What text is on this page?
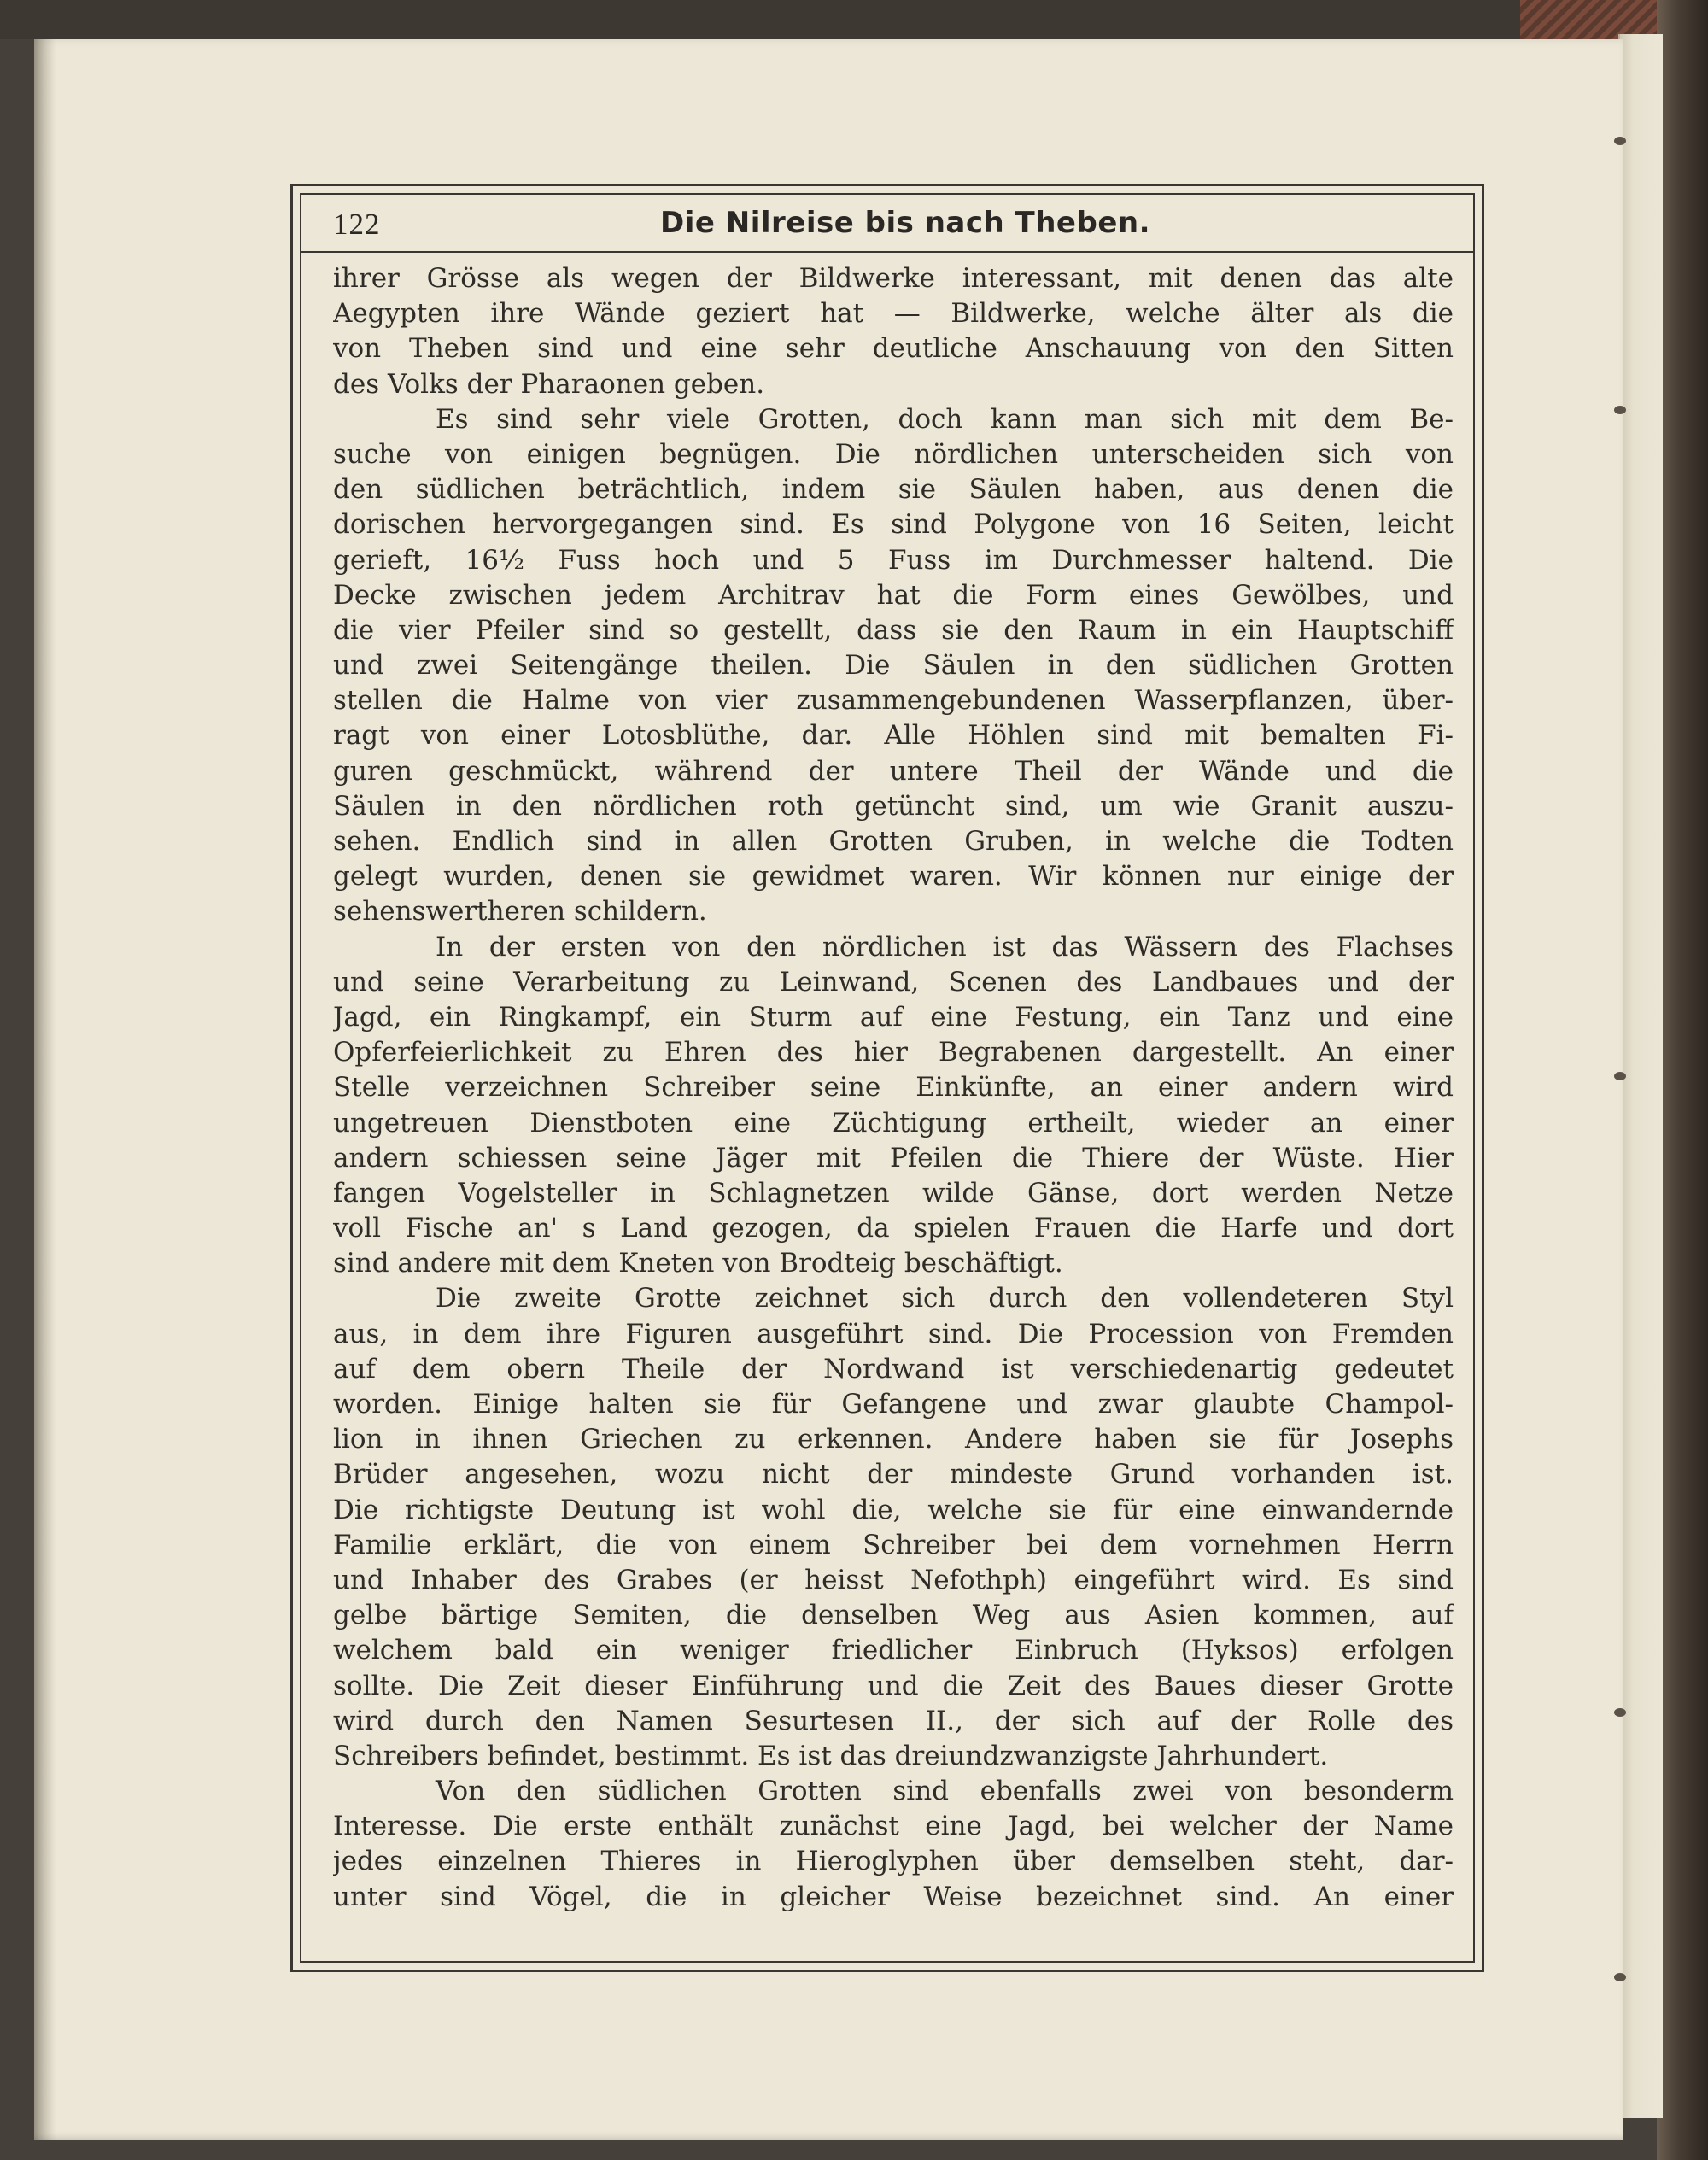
122	Die Nilreise bis nach Theben.
ihrer Grösse als wegen der Bildwerke interessant, mit denen das alte
Aegypten ihre Wände geziert hat — Bildwerke, welche älter als die
von Theben sind und eine sehr deutliche Anschauung von den Sitten
des Volks der Pharaonen geben.
Es sind sehr viele Grotten, doch kann man sich mit dem Be-
suche von einigen begnügen. Die nördlichen unterscheiden sich von
den südlichen beträchtlich, indem sie Säulen haben, aus denen die
dorischen hervorgegangen sind. Es sind Polygone von 16 Seiten, leicht
gerieft, 16½ Fuss hoch und 5 Fuss im Durchmesser haltend. Die
Decke zwischen jedem Architrav hat die Form eines Gewölbes, und
die vier Pfeiler sind so gestellt, dass sie den Raum in ein Hauptschiff
und zwei Seitengänge theilen. Die Säulen in den südlichen Grotten
stellen die Halme von vier zusammengebundenen Wasserpflanzen, über-
ragt von einer Lotosblüthe, dar. Alle Höhlen sind mit bemalten Fi-
guren geschmückt, während der untere Theil der Wände und die
Säulen in den nördlichen roth getüncht sind, um wie Granit auszu-
sehen. Endlich sind in allen Grotten Gruben, in welche die Todten
gelegt wurden, denen sie gewidmet waren. Wir können nur einige der
sehenswertheren schildern.
In der ersten von den nördlichen ist das Wässern des Flachses
und seine Verarbeitung zu Leinwand, Scenen des Landbaues und der
Jagd, ein Ringkampf, ein Sturm auf eine Festung, ein Tanz und eine
Opferfeierlichkeit zu Ehren des hier Begrabenen dargestellt. An einer
Stelle verzeichnen Schreiber seine Einkünfte, an einer andern wird
ungetreuen Dienstboten eine Züchtigung ertheilt, wieder an einer
andern schiessen seine Jäger mit Pfeilen die Thiere der Wüste. Hier
fangen Vogelsteller in Schlagnetzen wilde Gänse, dort werden Netze
voll Fische an' s Land gezogen, da spielen Frauen die Harfe und dort
sind andere mit dem Kneten von Brodteig beschäftigt.
Die zweite Grotte zeichnet sich durch den vollendeteren Styl
aus, in dem ihre Figuren ausgeführt sind. Die Procession von Fremden
auf dem obern Theile der Nordwand ist verschiedenartig gedeutet
worden. Einige halten sie für Gefangene und zwar glaubte Champol-
lion in ihnen Griechen zu erkennen. Andere haben sie für Josephs
Brüder angesehen, wozu nicht der mindeste Grund vorhanden ist.
Die richtigste Deutung ist wohl die, welche sie für eine einwandernde
Familie erklärt, die von einem Schreiber bei dem vornehmen Herrn
und Inhaber des Grabes (er heisst Nefothph) eingeführt wird. Es sind
gelbe bärtige Semiten, die denselben Weg aus Asien kommen, auf
welchem bald ein weniger friedlicher Einbruch (Hyksos) erfolgen
sollte. Die Zeit dieser Einführung und die Zeit des Baues dieser Grotte
wird durch den Namen Sesurtesen II., der sich auf der Rolle des
Schreibers befindet, bestimmt. Es ist das dreiundzwanzigste Jahrhundert.
Von den südlichen Grotten sind ebenfalls zwei von besonderm
Interesse. Die erste enthält zunächst eine Jagd, bei welcher der Name
jedes einzelnen Thieres in Hieroglyphen über demselben steht, dar-
unter sind Vögel, die in gleicher Weise bezeichnet sind. An einer
